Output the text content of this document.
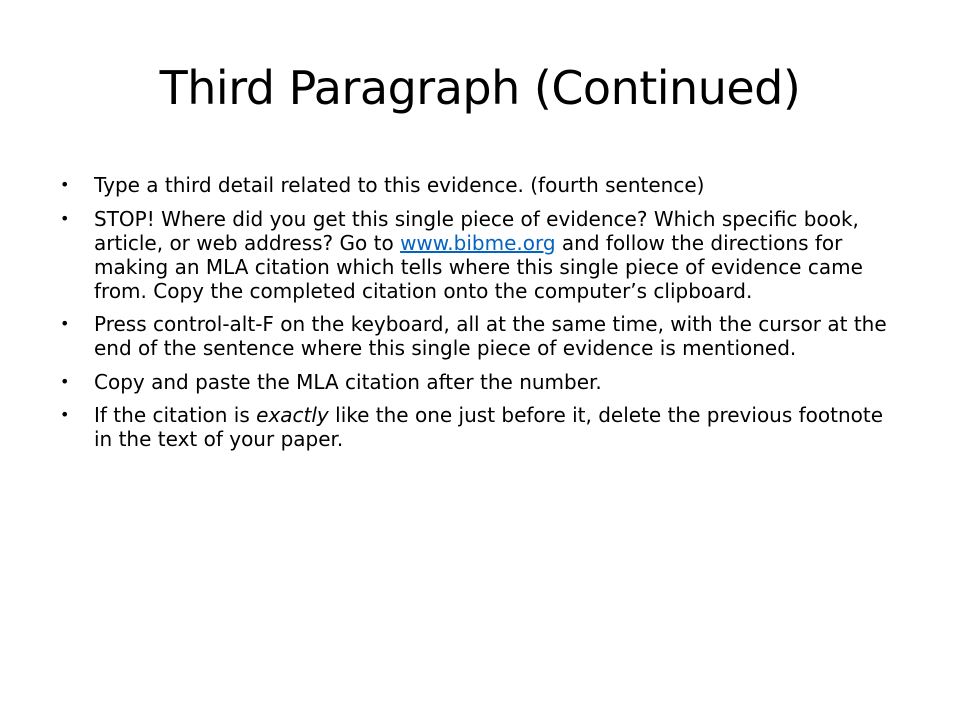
Third Paragraph (Continued)
• Type a third detail related to this evidence. (fourth sentence)
• STOP! Where did you get this single piece of evidence? Which specific book, article, or web address? Go to www.bibme.org and follow the directions for making an MLA citation which tells where this single piece of evidence came from. Copy the completed citation onto the computer’s clipboard.
• Press control-alt-F on the keyboard, all at the same time, with the cursor at the end of the sentence where this single piece of evidence is mentioned.
• Copy and paste the MLA citation after the number.
• If the citation is exactly like the one just before it, delete the previous footnote in the text of your paper.
